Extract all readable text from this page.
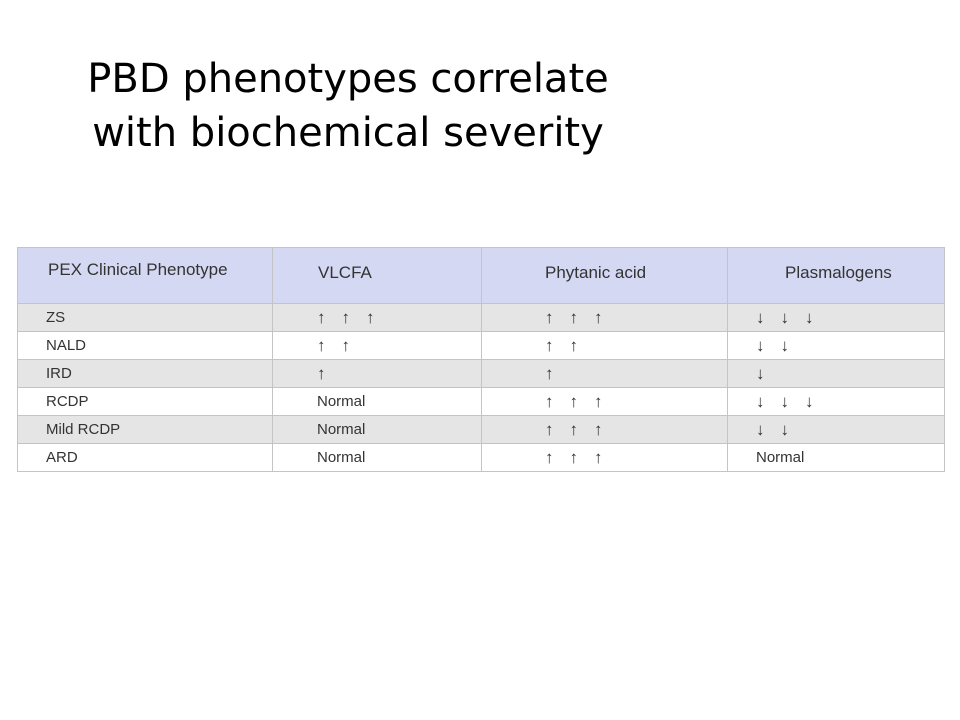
PBD phenotypes correlate
with biochemical severity
PEX Clinical Phenotype	VLCFA	Phytanic acid	Plasmalogens

ZS	↑ ↑ ↑	↑ ↑ ↑	↓ ↓ ↓
NALD	↑ ↑	↑ ↑	↓ ↓
IRD	↑	↑	↓
RCDP	Normal	↑ ↑ ↑	↓ ↓ ↓
Mild RCDP	Normal	↑ ↑ ↑	↓ ↓
ARD	Normal	↑ ↑ ↑	Normal
